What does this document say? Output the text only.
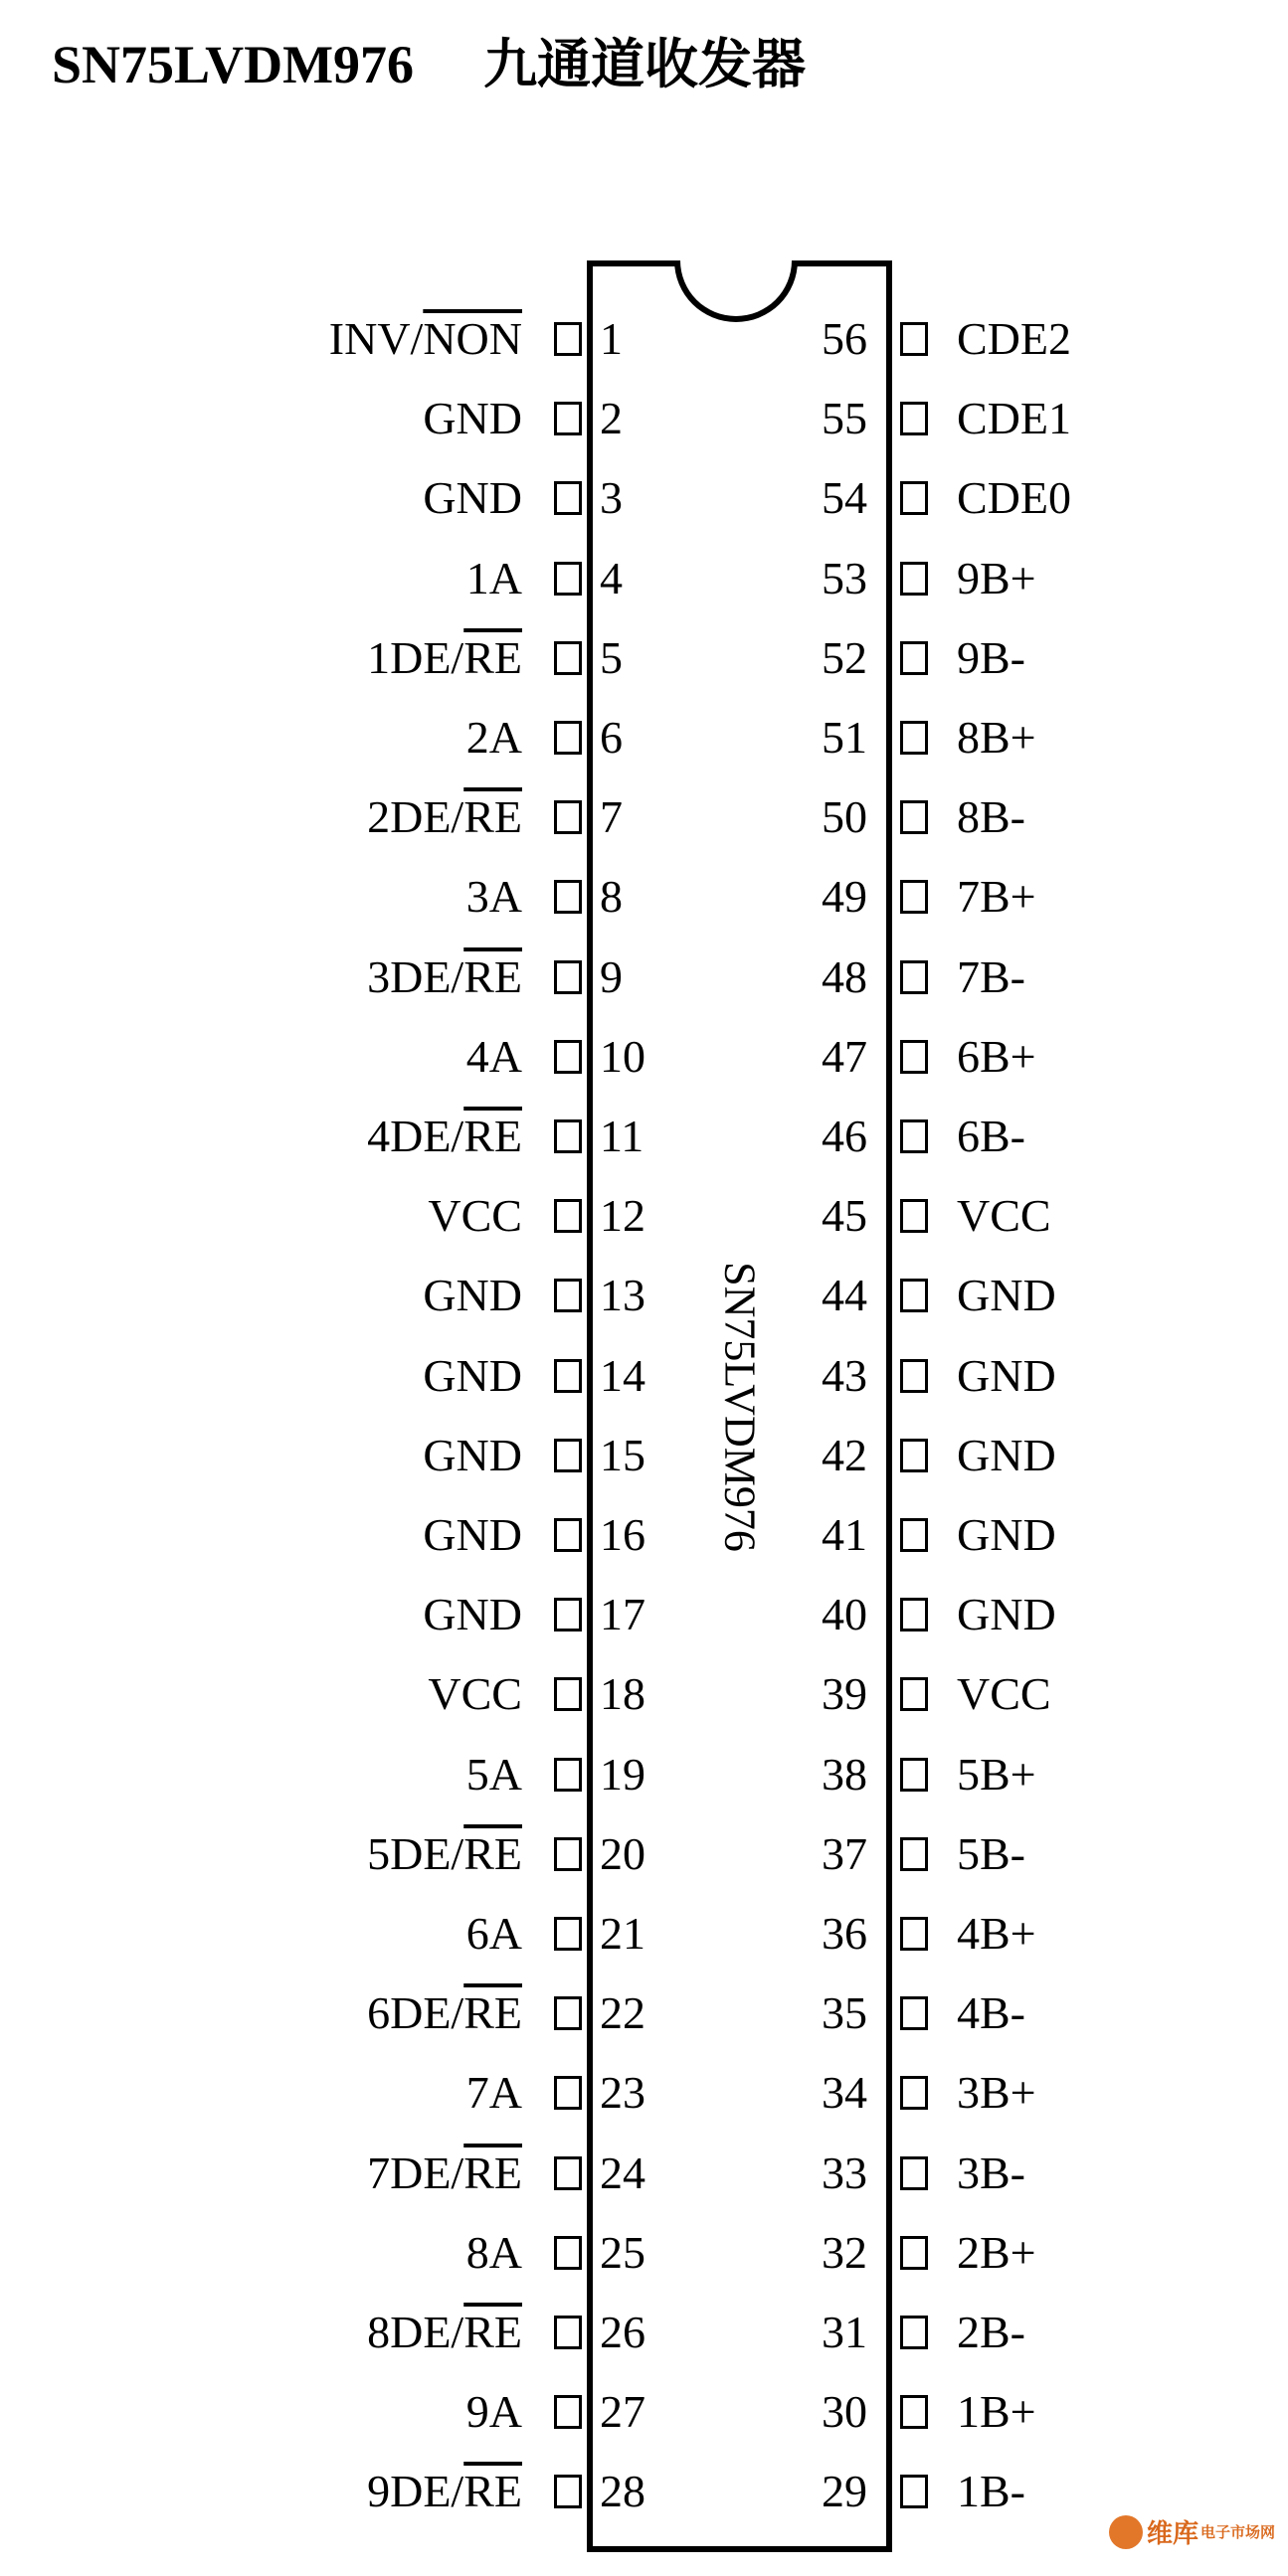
SN75LVDM976 九通道收发器
SN75LVDM976
1
INV/$\overline{NON}$
2
GND
3
GND
4
1A
5
$1DE/\overline{RE}$
6
2A
7
$2DE/\overline{RE}$
8
3A
9
$3DE/\overline{RE}$
10
4A
11
$4DE/\overline{RE}$
12
VCC
13
GND
14
GND
15
GND
16
GND
17
GND
18
VCC
19
5A
20
$5DE/\overline{RE}$
21
6A
22
$6DE/\overline{RE}$
23
7A
24
$7DE/\overline{RE}$
25
8A
26
$8DE/\overline{RE}$
27
9A
28
$9DE/\overline{RE}$
56 CDE2
55 CDE1
54 CDE0
53 9B+
52 9B-
51 8B+
50 8B-
49 7B+
48 7B-
47 6B+
46 6B-
45 VCC
44 GND
43 GND
42 GND
41 GND
40 GND
39 VCC
38 5B+
37 5B-
36 4B+
35 4B-
34 3B+
33 3B-
32 2B+
31 2B-
30 1B+
29 1B-
维库 电子市场网
